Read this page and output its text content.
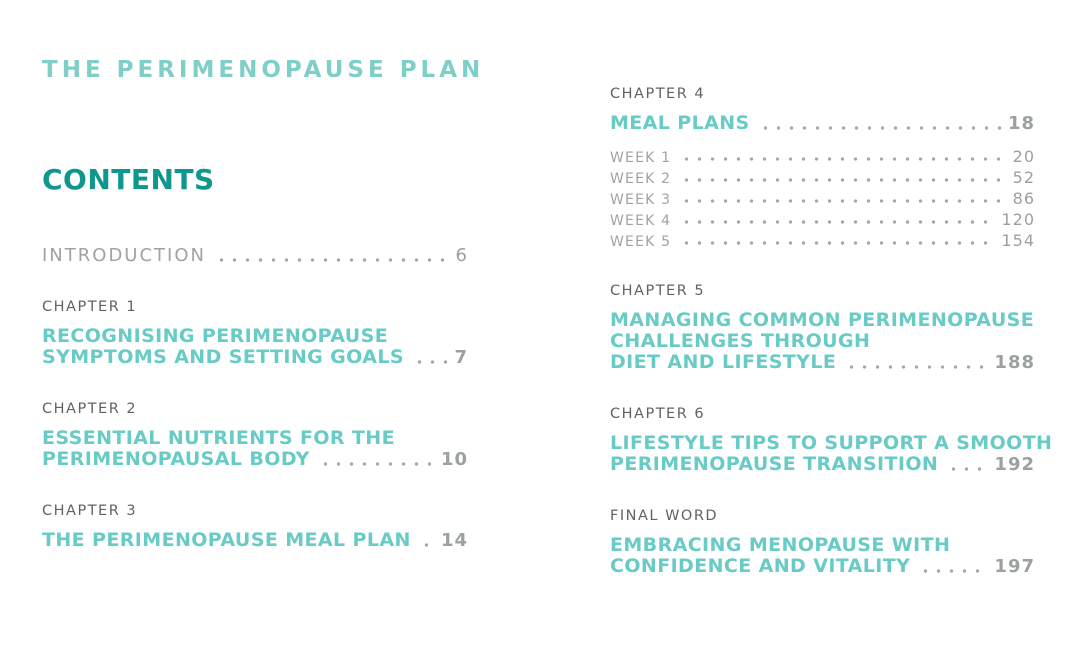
THE PERIMENOPAUSE PLAN
CONTENTS
INTRODUCTION	6
CHAPTER 1
RECOGNISING PERIMENOPAUSE
SYMPTOMS AND SETTING GOALS	7
CHAPTER 2
ESSENTIAL NUTRIENTS FOR THE
PERIMENOPAUSAL BODY	10
CHAPTER 3
THE PERIMENOPAUSE MEAL PLAN 14
CHAPTER 4
MEAL PLANS	18
WEEK 1	20
WEEK 2	52
WEEK 3	86
WEEK 4	120
WEEK 5	154
CHAPTER 5
MANAGING COMMON PERIMENOPAUSE
CHALLENGES THROUGH
DIET AND LIFESTYLE	188
CHAPTER 6
LIFESTYLE TIPS TO SUPPORT A SMOOTH
PERIMENOPAUSE TRANSITION	192
FINAL WORD
EMBRACING MENOPAUSE WITH
CONFIDENCE AND VITALITY	197
